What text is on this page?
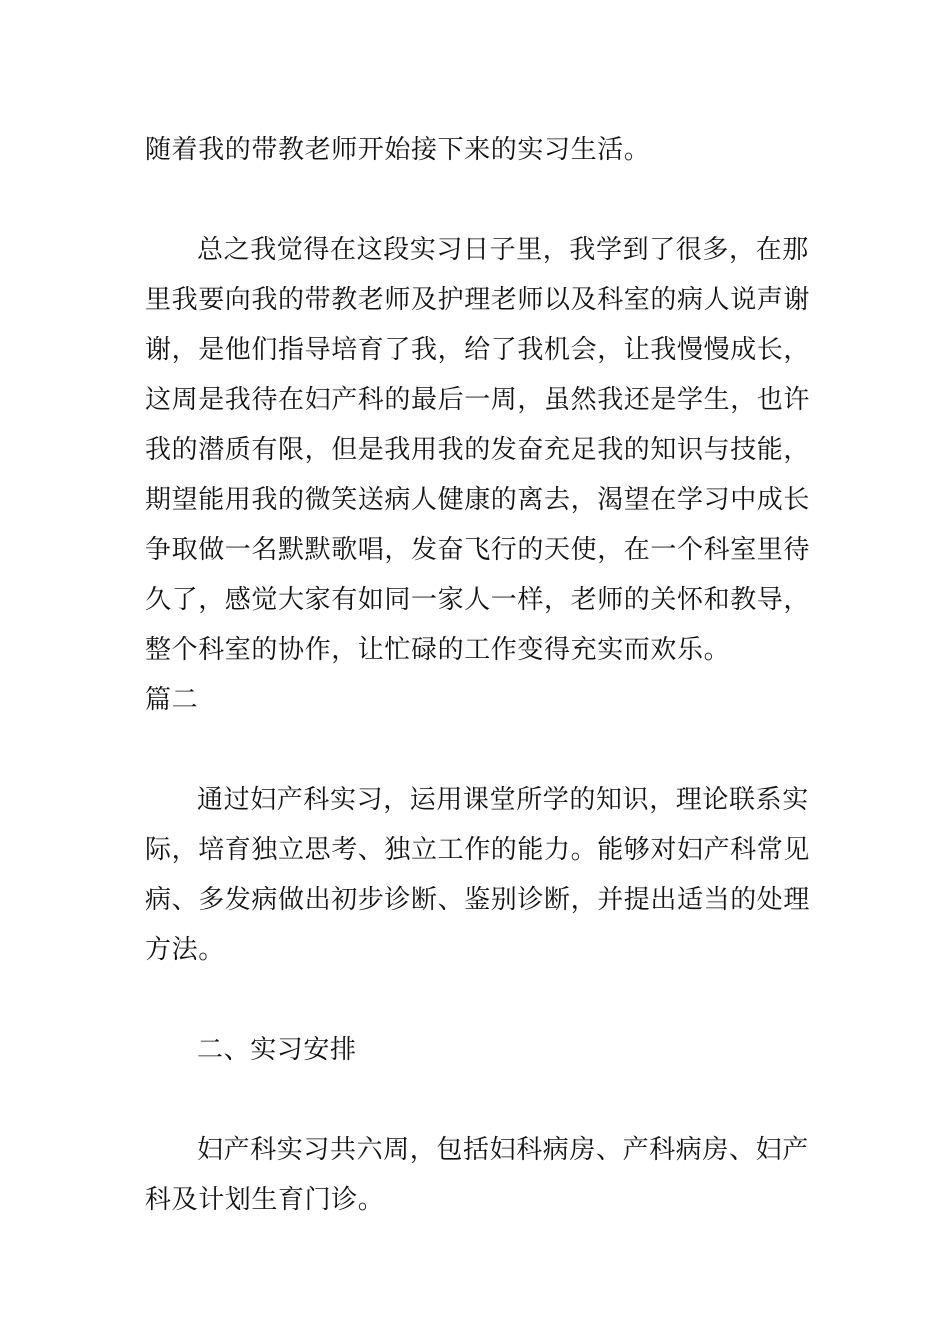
随着我的带教老师开始接下来的实习生活。
总之我觉得在这段实习日子里，我学到了很多，在那
里我要向我的带教老师及护理老师以及科室的病人说声谢
谢，是他们指导培育了我，给了我机会，让我慢慢成长，
这周是我待在妇产科的最后一周，虽然我还是学生，也许
我的潜质有限，但是我用我的发奋充足我的知识与技能，
期望能用我的微笑送病人健康的离去，渴望在学习中成长
争取做一名默默歌唱，发奋飞行的天使，在一个科室里待
久了，感觉大家有如同一家人一样，老师的关怀和教导，
整个科室的协作，让忙碌的工作变得充实而欢乐。
篇二
通过妇产科实习，运用课堂所学的知识，理论联系实
际，培育独立思考、独立工作的能力。能够对妇产科常见
病、多发病做出初步诊断、鉴别诊断，并提出适当的处理
方法。
二、实习安排
妇产科实习共六周，包括妇科病房、产科病房、妇产
科及计划生育门诊。
